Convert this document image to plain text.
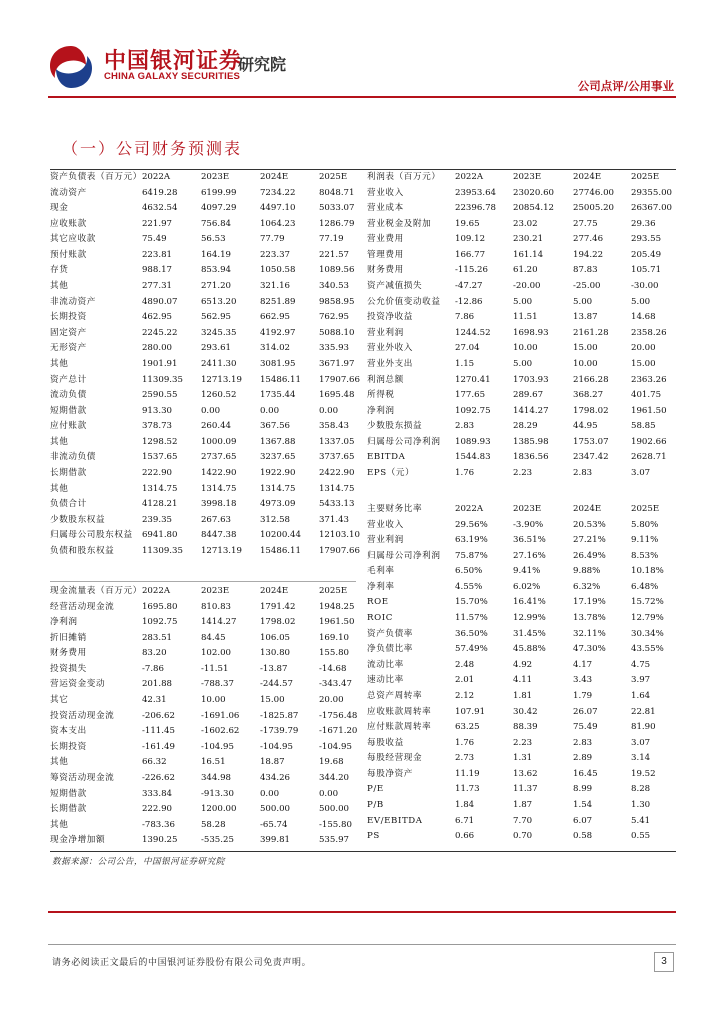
中国银河证券
CHINA GALAXY SECURITIES
研究院
公司点评/公用事业
（一）公司财务预测表
资产负债表（百万元）	2022A	2023E	2024E	2025E
流动资产	6419.28	6199.99	7234.22	8048.71
现金	4632.54	4097.29	4497.10	5033.07
应收账款	221.97	756.84	1064.23	1286.79
其它应收款	75.49	56.53	77.79	77.19
预付账款	223.81	164.19	223.37	221.57
存货	988.17	853.94	1050.58	1089.56
其他	277.31	271.20	321.16	340.53
非流动资产	4890.07	6513.20	8251.89	9858.95
长期投资	462.95	562.95	662.95	762.95
固定资产	2245.22	3245.35	4192.97	5088.10
无形资产	280.00	293.61	314.02	335.93
其他	1901.91	2411.30	3081.95	3671.97
资产总计	11309.35	12713.19	15486.11	17907.66
流动负债	2590.55	1260.52	1735.44	1695.48
短期借款	913.30	0.00	0.00	0.00
应付账款	378.73	260.44	367.56	358.43
其他	1298.52	1000.09	1367.88	1337.05
非流动负债	1537.65	2737.65	3237.65	3737.65
长期借款	222.90	1422.90	1922.90	2422.90
其他	1314.75	1314.75	1314.75	1314.75
负债合计	4128.21	3998.18	4973.09	5433.13
少数股东权益	239.35	267.63	312.58	371.43
归属母公司股东权益	6941.80	8447.38	10200.44	12103.10
负债和股东权益	11309.35	12713.19	15486.11	17907.66

利润表（百万元）	2022A	2023E	2024E	2025E
营业收入	23953.64	23020.60	27746.00	29355.00
营业成本	22396.78	20854.12	25005.20	26367.00
营业税金及附加	19.65	23.02	27.75	29.36
营业费用	109.12	230.21	277.46	293.55
管理费用	166.77	161.14	194.22	205.49
财务费用	-115.26	61.20	87.83	105.71
资产减值损失	-47.27	-20.00	-25.00	-30.00
公允价值变动收益	-12.86	5.00	5.00	5.00
投资净收益	7.86	11.51	13.87	14.68
营业利润	1244.52	1698.93	2161.28	2358.26
营业外收入	27.04	10.00	15.00	20.00
营业外支出	1.15	5.00	10.00	15.00
利润总额	1270.41	1703.93	2166.28	2363.26
所得税	177.65	289.67	368.27	401.75
净利润	1092.75	1414.27	1798.02	1961.50
少数股东损益	2.83	28.29	44.95	58.85
归属母公司净利润	1089.93	1385.98	1753.07	1902.66
EBITDA	1544.83	1836.56	2347.42	2628.71
EPS（元）	1.76	2.23	2.83	3.07
现金流量表（百万元）	2022A	2023E	2024E	2025E
经营活动现金流	1695.80	810.83	1791.42	1948.25
净利润	1092.75	1414.27	1798.02	1961.50
折旧摊销	283.51	84.45	106.05	169.10
财务费用	83.20	102.00	130.80	155.80
投资损失	-7.86	-11.51	-13.87	-14.68
营运资金变动	201.88	-788.37	-244.57	-343.47
其它	42.31	10.00	15.00	20.00
投资活动现金流	-206.62	-1691.06	-1825.87	-1756.48
资本支出	-111.45	-1602.62	-1739.79	-1671.20
长期投资	-161.49	-104.95	-104.95	-104.95
其他	66.32	16.51	18.87	19.68
筹资活动现金流	-226.62	344.98	434.26	344.20
短期借款	333.84	-913.30	0.00	0.00
长期借款	222.90	1200.00	500.00	500.00
其他	-783.36	58.28	-65.74	-155.80
现金净增加额	1390.25	-535.25	399.81	535.97
主要财务比率	2022A	2023E	2024E	2025E
营业收入	29.56%	-3.90%	20.53%	5.80%
营业利润	63.19%	36.51%	27.21%	9.11%
归属母公司净利润	75.87%	27.16%	26.49%	8.53%
毛利率	6.50%	9.41%	9.88%	10.18%
净利率	4.55%	6.02%	6.32%	6.48%
ROE	15.70%	16.41%	17.19%	15.72%
ROIC	11.57%	12.99%	13.78%	12.79%
资产负债率	36.50%	31.45%	32.11%	30.34%
净负债比率	57.49%	45.88%	47.30%	43.55%
流动比率	2.48	4.92	4.17	4.75
速动比率	2.01	4.11	3.43	3.97
总资产周转率	2.12	1.81	1.79	1.64
应收账款周转率	107.91	30.42	26.07	22.81
应付账款周转率	63.25	88.39	75.49	81.90
每股收益	1.76	2.23	2.83	3.07
每股经营现金	2.73	1.31	2.89	3.14
每股净资产	11.19	13.62	16.45	19.52
P/E	11.73	11.37	8.99	8.28
P/B	1.84	1.87	1.54	1.30
EV/EBITDA	6.71	7.70	6.07	5.41
PS	0.66	0.70	0.58	0.55
数据来源：公司公告，中国银河证券研究院
请务必阅读正文最后的中国银河证券股份有限公司免责声明。	3
